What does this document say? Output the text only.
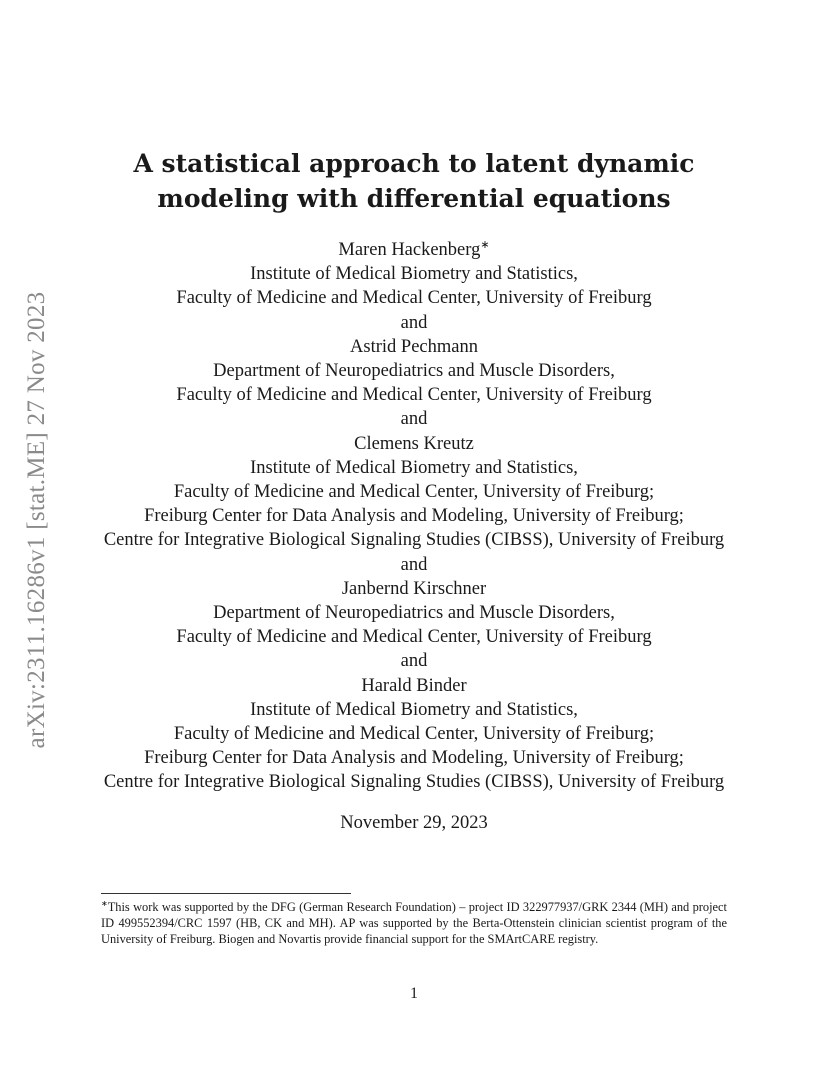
arXiv:2311.16286v1 [stat.ME] 27 Nov 2023
A statistical approach to latent dynamic
modeling with differential equations
Maren Hackenberg∗
Institute of Medical Biometry and Statistics,
Faculty of Medicine and Medical Center, University of Freiburg
and
Astrid Pechmann
Department of Neuropediatrics and Muscle Disorders,
Faculty of Medicine and Medical Center, University of Freiburg
and
Clemens Kreutz
Institute of Medical Biometry and Statistics,
Faculty of Medicine and Medical Center, University of Freiburg;
Freiburg Center for Data Analysis and Modeling, University of Freiburg;
Centre for Integrative Biological Signaling Studies (CIBSS), University of Freiburg
and
Janbernd Kirschner
Department of Neuropediatrics and Muscle Disorders,
Faculty of Medicine and Medical Center, University of Freiburg
and
Harald Binder
Institute of Medical Biometry and Statistics,
Faculty of Medicine and Medical Center, University of Freiburg;
Freiburg Center for Data Analysis and Modeling, University of Freiburg;
Centre for Integrative Biological Signaling Studies (CIBSS), University of Freiburg
November 29, 2023
∗This work was supported by the DFG (German Research Foundation) – project ID 322977937/GRK 2344 (MH) and project ID 499552394/CRC 1597 (HB, CK and MH). AP was supported by the Berta-Ottenstein clinician scientist program of the University of Freiburg. Biogen and Novartis provide financial support for the SMArtCARE registry.
1
